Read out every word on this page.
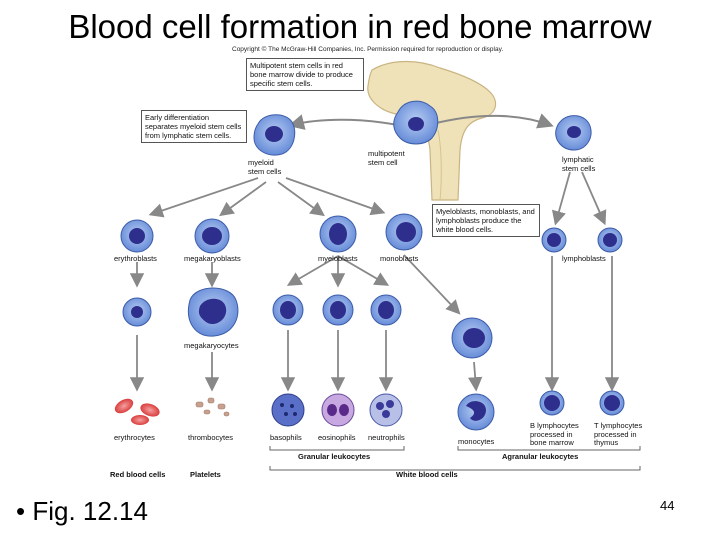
Blood cell formation in red bone marrow
Copyright © The McGraw-Hill Companies, Inc. Permission required for reproduction or display.
Multipotent stem cells in red bone marrow divide to produce specific stem cells.
Early differentiation separates myeloid stem cells from lymphatic stem cells.
Myeloblasts, monoblasts, and lymphoblasts produce the white blood cells.
myeloid stem cells
multipotent stem cell	lymphatic stem cells
erythroblasts	megakaryoblasts	myeloblasts	monoblasts	lymphoblasts
megakaryocytes
erythrocytes	thrombocytes	basophils eosinophils neutrophils	monocytes
B lymphocytes processed in bone marrow
T lymphocytes processed in thymus
Granular leukocytes	Agranular leukocytes
Red blood cells	Platelets	White blood cells
• Fig. 12.14	44
